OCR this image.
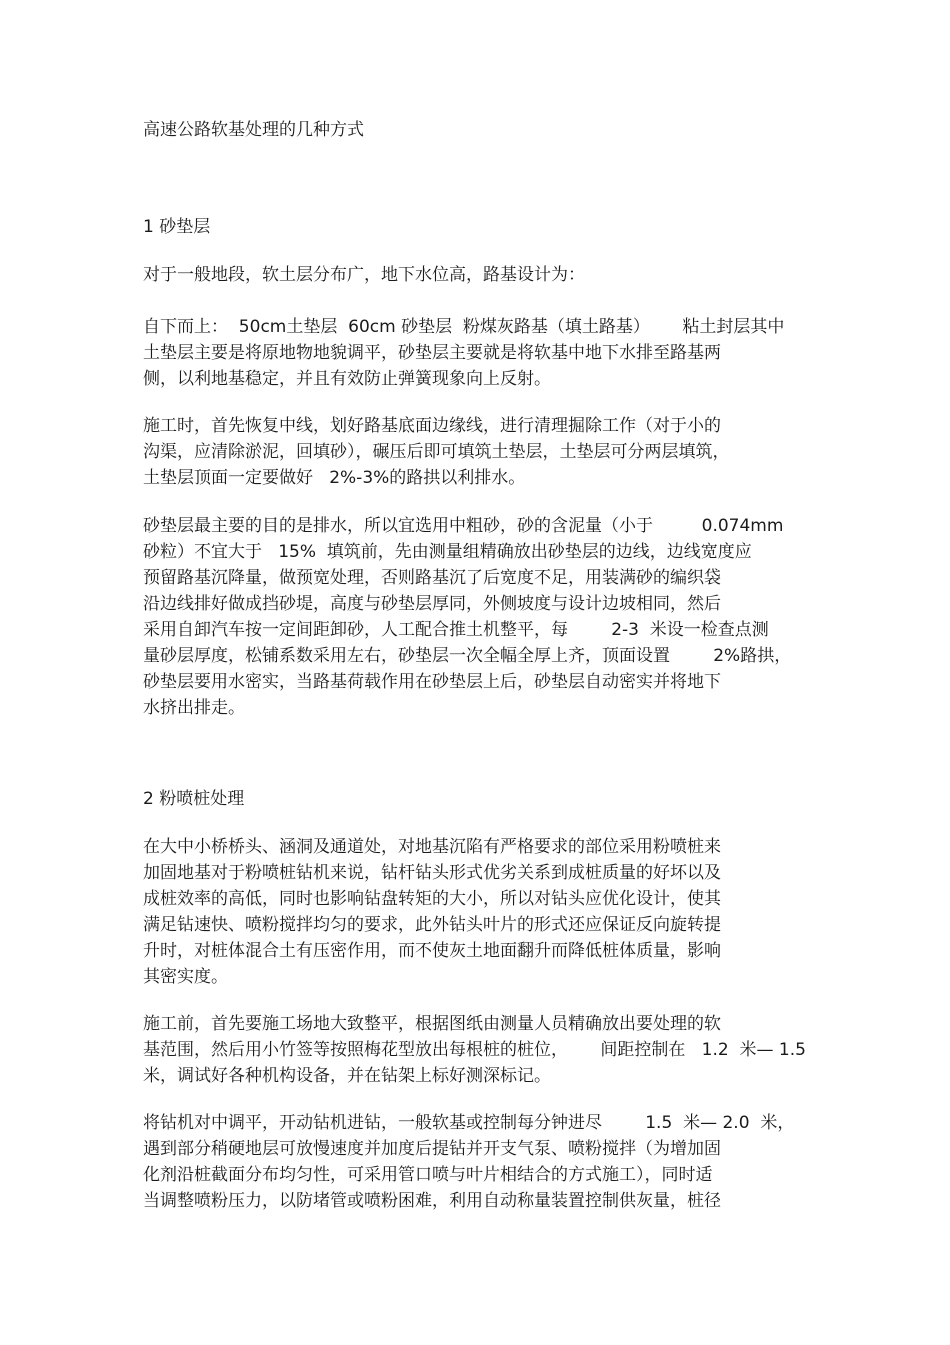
高速公路软基处理的几种方式
1 砂垫层
对于一般地段，软土层分布广，地下水位高，路基设计为：
自下而上：  50cm土垫层  60cm 砂垫层  粉煤灰路基（填土路基）      粘土封层其中
土垫层主要是将原地物地貌调平，砂垫层主要就是将软基中地下水排至路基两
侧，以利地基稳定，并且有效防止弹簧现象向上反射。
施工时，首先恢复中线，划好路基底面边缘线，进行清理掘除工作（对于小的
沟渠，应清除淤泥，回填砂），碾压后即可填筑土垫层，土垫层可分两层填筑，
土垫层顶面一定要做好   2%-3%的路拱以利排水。
砂垫层最主要的目的是排水，所以宜选用中粗砂，砂的含泥量（小于         0.074mm
砂粒）不宜大于   15%  填筑前，先由测量组精确放出砂垫层的边线，边线宽度应
预留路基沉降量，做预宽处理，否则路基沉了后宽度不足，用装满砂的编织袋
沿边线排好做成挡砂堤，高度与砂垫层厚同，外侧坡度与设计边坡相同，然后
采用自卸汽车按一定间距卸砂，人工配合推土机整平，每        2-3  米设一检查点测
量砂层厚度，松铺系数采用左右，砂垫层一次全幅全厚上齐，顶面设置        2%路拱，
砂垫层要用水密实，当路基荷载作用在砂垫层上后，砂垫层自动密实并将地下
水挤出排走。
2 粉喷桩处理
在大中小桥桥头、涵洞及通道处，对地基沉陷有严格要求的部位采用粉喷桩来
加固地基对于粉喷桩钻机来说，钻杆钻头形式优劣关系到成桩质量的好坏以及
成桩效率的高低，同时也影响钻盘转矩的大小，所以对钻头应优化设计，使其
满足钻速快、喷粉搅拌均匀的要求，此外钻头叶片的形式还应保证反向旋转提
升时，对桩体混合土有压密作用，而不使灰土地面翻升而降低桩体质量，影响
其密实度。
施工前，首先要施工场地大致整平，根据图纸由测量人员精确放出要处理的软
基范围，然后用小竹签等按照梅花型放出每根桩的桩位，      间距控制在   1.2  米— 1.5
米，调试好各种机构设备，并在钻架上标好测深标记。
将钻机对中调平，开动钻机进钻，一般软基或控制每分钟进尽        1.5  米— 2.0  米，
遇到部分稍硬地层可放慢速度并加度后提钻并开支气泵、喷粉搅拌（为增加固
化剂沿桩截面分布均匀性，可采用管口喷与叶片相结合的方式施工），同时适
当调整喷粉压力，以防堵管或喷粉困难，利用自动称量装置控制供灰量，桩径
